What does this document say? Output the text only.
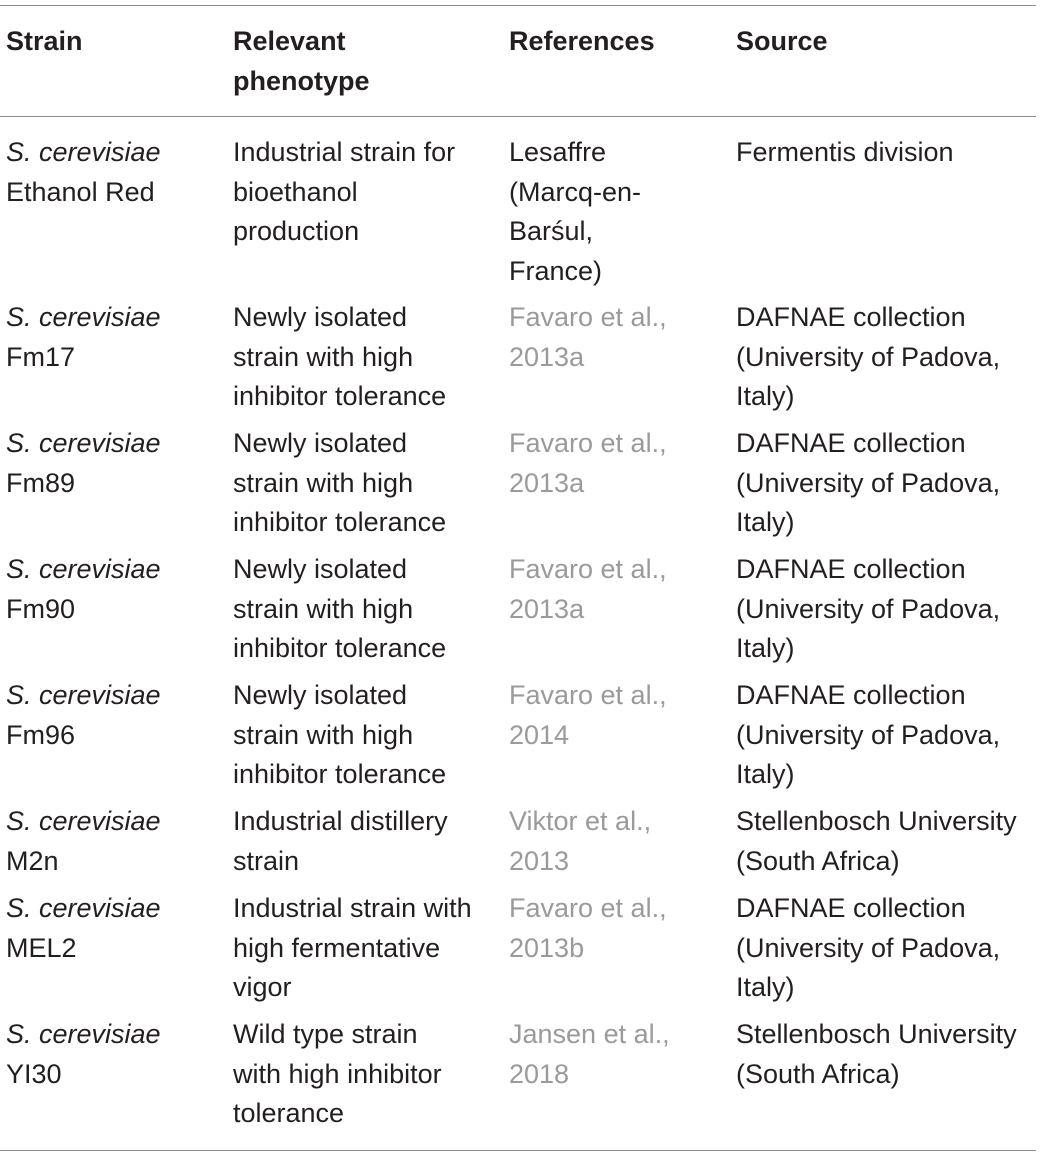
Strain	Relevant
phenotype
References	Source
S. cerevisiae
Ethanol Red
Industrial strain for
bioethanol
production
Lesaffre
(Marcq-en-
Barśul,
France)
Fermentis division
S. cerevisiae
Fm17
Newly isolated
strain with high
inhibitor tolerance
Favaro et al.,
2013a
DAFNAE collection
(University of Padova,
Italy)
S. cerevisiae
Fm89
Newly isolated
strain with high
inhibitor tolerance
Favaro et al.,
2013a
DAFNAE collection
(University of Padova,
Italy)
S. cerevisiae
Fm90
Newly isolated
strain with high
inhibitor tolerance
Favaro et al.,
2013a
DAFNAE collection
(University of Padova,
Italy)
S. cerevisiae
Fm96
Newly isolated
strain with high
inhibitor tolerance
Favaro et al.,
2014
DAFNAE collection
(University of Padova,
Italy)
S. cerevisiae
M2n
Industrial distillery
strain
Viktor et al.,
2013
Stellenbosch University
(South Africa)
S. cerevisiae
MEL2
Industrial strain with
high fermentative
vigor
Favaro et al.,
2013b
DAFNAE collection
(University of Padova,
Italy)
S. cerevisiae
YI30
Wild type strain
with high inhibitor
tolerance
Jansen et al.,
2018
Stellenbosch University
(South Africa)
